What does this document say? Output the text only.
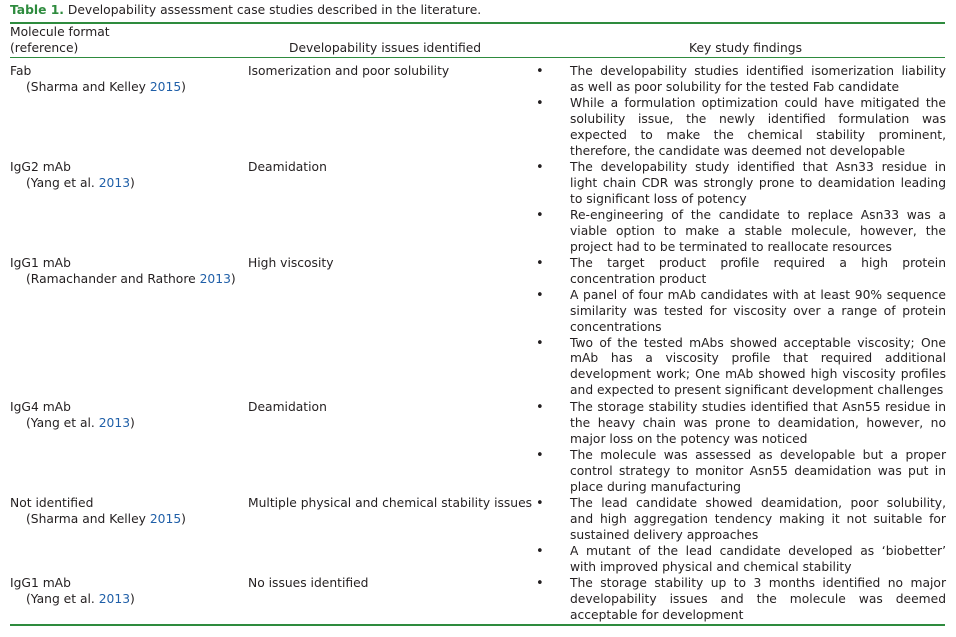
Table 1. Developability assessment case studies described in the literature.
Molecule format
(reference)	Developability issues identified	Key study findings
Fab
(Sharma and Kelley 2015)
Isomerization and poor solubility	• The developability studies identified isomerization liability as well as poor solubility for the tested Fab candidate
• While a formulation optimization could have mitigated the solubility issue, the newly identified formulation was expected to make the chemical stability prominent, therefore, the candidate was deemed not developable
IgG2 mAb
(Yang et al. 2013)
Deamidation	• The developability study identified that Asn33 residue in light chain CDR was strongly prone to deamidation leading to significant loss of potency
• Re-engineering of the candidate to replace Asn33 was a viable option to make a stable molecule, however, the project had to be terminated to reallocate resources
IgG1 mAb
(Ramachander and Rathore 2013)
High viscosity	• The target product profile required a high protein concentration product
• A panel of four mAb candidates with at least 90% sequence similarity was tested for viscosity over a range of protein concentrations
• Two of the tested mAbs showed acceptable viscosity; One mAb has a viscosity profile that required additional development work; One mAb showed high viscosity profiles and expected to present significant development challenges
IgG4 mAb
(Yang et al. 2013)
Deamidation	• The storage stability studies identified that Asn55 residue in the heavy chain was prone to deamidation, however, no major loss on the potency was noticed
• The molecule was assessed as developable but a proper control strategy to monitor Asn55 deamidation was put in place during manufacturing
Not identified
(Sharma and Kelley 2015)
Multiple physical and chemical stability issues • The lead candidate showed deamidation, poor solubility, and high aggregation tendency making it not suitable for sustained delivery approaches
• A mutant of the lead candidate developed as ‘biobetter’ with improved physical and chemical stability
IgG1 mAb
(Yang et al. 2013)
No issues identified	• The storage stability up to 3 months identified no major developability issues and the molecule was deemed acceptable for development
